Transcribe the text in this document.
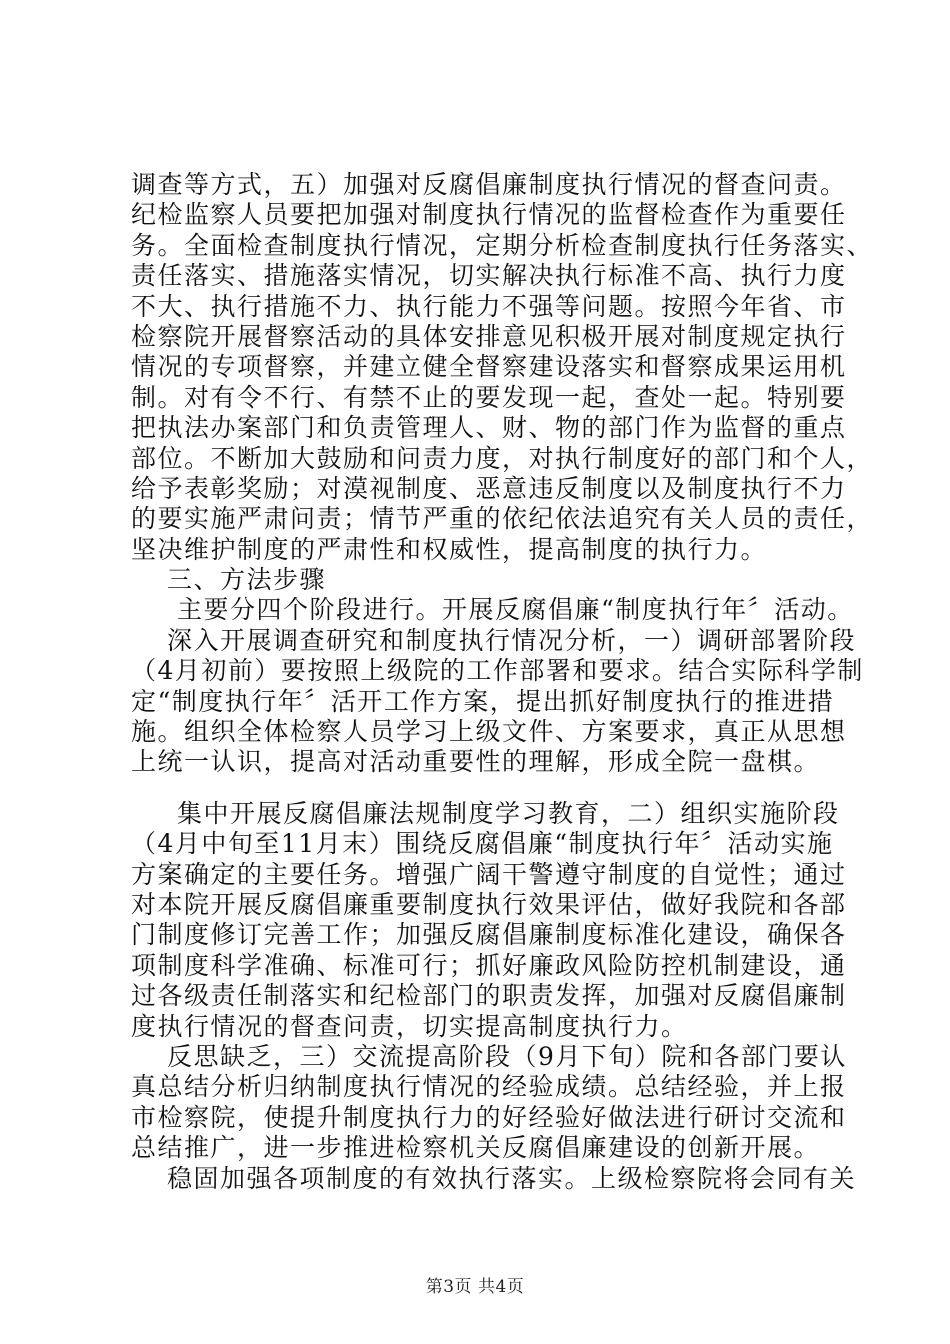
调查等方式，五）加强对反腐倡廉制度执行情况的督查问责。
纪检监察人员要把加强对制度执行情况的监督检查作为重要任
务。全面检查制度执行情况，定期分析检查制度执行任务落实、
责任落实、措施落实情况，切实解决执行标准不高、执行力度
不大、执行措施不力、执行能力不强等问题。按照今年省、市
检察院开展督察活动的具体安排意见积极开展对制度规定执行
情况的专项督察，并建立健全督察建设落实和督察成果运用机
制。对有令不行、有禁不止的要发现一起，查处一起。特别要
把执法办案部门和负责管理人、财、物的部门作为监督的重点
部位。不断加大鼓励和问责力度，对执行制度好的部门和个人，
给予表彰奖励；对漠视制度、恶意违反制度以及制度执行不力
的要实施严肃问责；情节严重的依纪依法追究有关人员的责任，
坚决维护制度的严肃性和权威性，提高制度的执行力。
三、方法步骤
主要分四个阶段进行。开展反腐倡廉“制度执行年〞活动。
深入开展调查研究和制度执行情况分析，一）调研部署阶段
（4月初前）要按照上级院的工作部署和要求。结合实际科学制
定“制度执行年〞活开工作方案，提出抓好制度执行的推进措
施。组织全体检察人员学习上级文件、方案要求，真正从思想
上统一认识，提高对活动重要性的理解，形成全院一盘棋。
集中开展反腐倡廉法规制度学习教育，二）组织实施阶段
（4月中旬至11月末）围绕反腐倡廉“制度执行年〞活动实施
方案确定的主要任务。增强广阔干警遵守制度的自觉性；通过
对本院开展反腐倡廉重要制度执行效果评估，做好我院和各部
门制度修订完善工作；加强反腐倡廉制度标准化建设，确保各
项制度科学准确、标准可行；抓好廉政风险防控机制建设，通
过各级责任制落实和纪检部门的职责发挥，加强对反腐倡廉制
度执行情况的督查问责，切实提高制度执行力。
反思缺乏，三）交流提高阶段（9月下旬）院和各部门要认
真总结分析归纳制度执行情况的经验成绩。总结经验，并上报
市检察院，使提升制度执行力的好经验好做法进行研讨交流和
总结推广，进一步推进检察机关反腐倡廉建设的创新开展。
稳固加强各项制度的有效执行落实。上级检察院将会同有关
第3页 共4页
